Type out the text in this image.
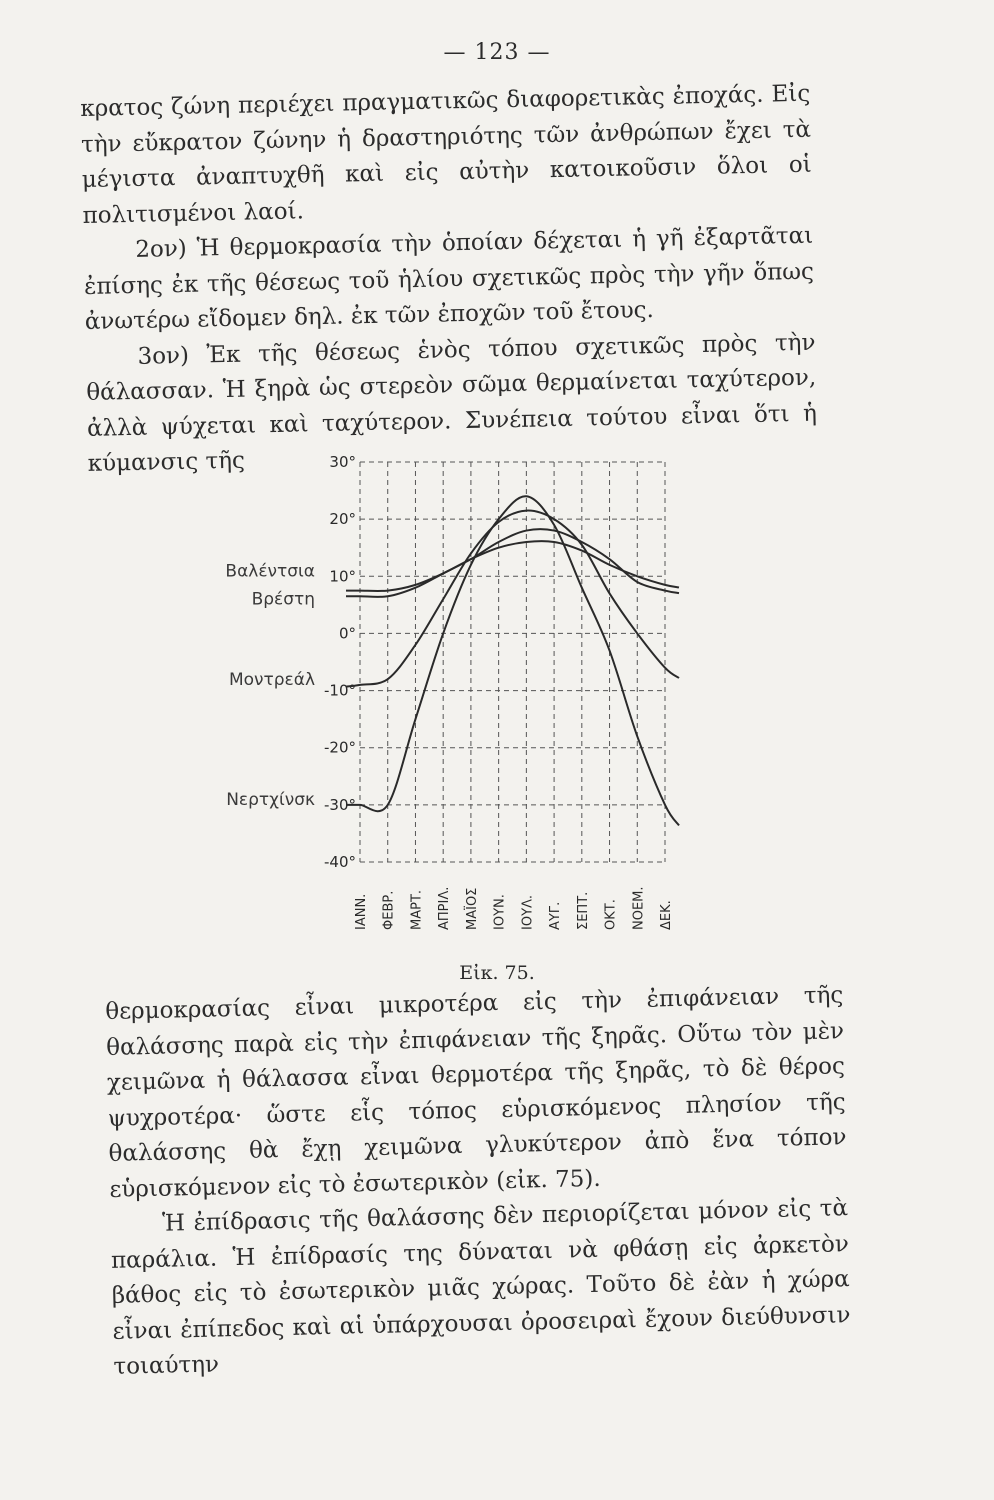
— 123 —
κρατος ζώνη περιέχει πραγματικῶς διαφορετικὰς ἐποχάς. Εἰς τὴν εὔκρατον ζώνην ἡ δραστηριότης τῶν ἀνθρώπων ἔχει τὰ μέγιστα ἀναπτυχθῆ καὶ εἰς αὐτὴν κατοικοῦσιν ὅλοι οἱ πολιτισμένοι λαοί.
2ον) Ἡ θερμοκρασία τὴν ὁποίαν δέχεται ἡ γῆ ἐξαρτᾶται ἐπίσης ἐκ τῆς θέσεως τοῦ ἡλίου σχετικῶς πρὸς τὴν γῆν ὅπως ἀνωτέρω εἴδομεν δηλ. ἐκ τῶν ἐποχῶν τοῦ ἔτους.
3ον) Ἐκ τῆς θέσεως ἑνὸς τόπου σχετικῶς πρὸς τὴν θάλασσαν. Ἡ ξηρὰ ὡς στερεὸν σῶμα θερμαίνεται ταχύτερον, ἀλλὰ ψύχεται καὶ ταχύτερον. Συνέπεια τούτου εἶναι ὅτι ἡ κύμανσις τῆς	30°
20°
10°
0°
-10°
-20°
-30°
-40°
ΙΑΝΝ. ΦΕΒΡ. ΜΑΡΤ. ΑΠΡΙΛ. ΜΑΪΟΣ ΙΟΥΝ. ΙΟΥΛ. ΑΥΓ. ΣΕΠΤ. ΟΚΤ. ΝΟΕΜ. ΔΕΚ.
Βαλέντσια
Βρέστη
Μοντρεάλ
Νερτχίνσκ
Εἰκ. 75.
θερμοκρασίας εἶναι μικροτέρα εἰς τὴν ἐπιφάνειαν τῆς θαλάσσης παρὰ εἰς τὴν ἐπιφάνειαν τῆς ξηρᾶς. Οὕτω τὸν μὲν χειμῶνα ἡ θάλασσα εἶναι θερμοτέρα τῆς ξηρᾶς, τὸ δὲ θέρος ψυχροτέρα· ὥστε εἷς τόπος εὑρισκόμενος πλησίον τῆς θαλάσσης θὰ ἔχῃ χειμῶνα γλυκύτερον ἀπὸ ἕνα τόπον εὑρισκόμενον εἰς τὸ ἐσωτερικὸν (εἰκ. 75).
Ἡ ἐπίδρασις τῆς θαλάσσης δὲν περιορίζεται μόνον εἰς τὰ παράλια. Ἡ ἐπίδρασίς της δύναται νὰ φθάσῃ εἰς ἀρκετὸν βάθος εἰς τὸ ἐσωτερικὸν μιᾶς χώρας. Τοῦτο δὲ ἐὰν ἡ χώρα εἶναι ἐπίπεδος καὶ αἱ ὑπάρχουσαι ὀροσειραὶ ἔχουν διεύθυνσιν τοιαύτην
